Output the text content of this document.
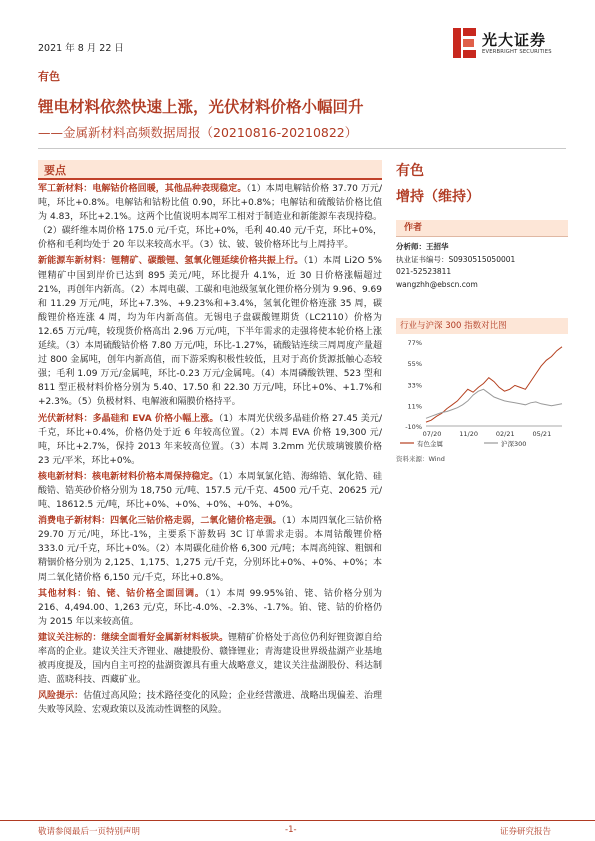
2021 年 8 月 22 日	光大证券
EVERBRIGHT SECURITIES
有色
锂电材料依然快速上涨，光伏材料价格小幅回升
——金属新材料高频数据周报（20210816-20210822）
要点

军工新材料：电解钴价格回暖，其他品种表现稳定。（1）本周电解钴价格 37.70 万元/吨，环比+0.8%。电解钴和钴粉比值 0.90，环比+0.8%；电解钴和硫酸钴价格比值为 4.83，环比+2.1%。这两个比值说明本周军工相对于制造业和新能源车表现持稳。（2）碳纤维本周价格 175.0 元/千克，环比+0%，毛利 40.40 元/千克，环比+0%，价格和毛利均处于 20 年以来较高水平。（3）钛、铍、铍价格环比与上周持平。

新能源车新材料：锂精矿、碳酸锂、氢氧化锂延续价格共振上行。（1）本周 Li2O 5%锂精矿中国到岸价已达到 895 美元/吨，环比提升 4.1%，近 30 日价格涨幅超过 21%，再创年内新高。（2）本周电碳、工碳和电池级氢氧化锂价格分别为 9.96、9.69 和 11.29 万元/吨，环比+7.3%、+9.23%和+3.4%，氢氧化锂价格连涨 35 周，碳酸锂价格连涨 4 周，均为年内新高值。无锡电子盘碳酸锂期货（LC2110）价格为 12.65 万元/吨，较现货价格高出 2.96 万元/吨，下半年需求的走强将使本轮价格上涨延续。（3）本周硫酸钴价格 7.80 万元/吨，环比-1.27%，硫酸钴连续三周周度产量超过 800 金属吨，创年内新高值，而下游采购积极性较低，且对于高价货源抵触心态较强；毛利 1.09 万元/金属吨，环比-0.23 万元/金属吨。（4）本周磷酸铁锂、523 型和 811 型正极材料价格分别为 5.40、17.50 和 22.30 万元/吨，环比+0%、+1.7%和+2.3%。（5）负极材料、电解液和隔膜价格持平。

光伏新材料：多晶硅和 EVA 价格小幅上涨。（1）本周光伏级多晶硅价格 27.45 美元/千克，环比+0.4%，价格仍处于近 6 年较高位置。（2）本周 EVA 价格 19,300 元/吨，环比+2.7%，保持 2013 年来较高位置。（3）本周 3.2mm 光伏玻璃镀膜价格 23 元/平米，环比+0%。

核电新材料：核电新材料价格本周保持稳定。（1）本周氧氯化锆、海绵锆、氧化锆、硅酸锆、锆英砂价格分别为 18,750 元/吨、157.5 元/千克、4500 元/千克、20625 元/吨、18612.5 元/吨，环比+0%、+0%、+0%、+0%、+0%。

消费电子新材料：四氧化三钴价格走弱，二氧化锗价格走强。（1）本周四氧化三钴价格 29.70 万元/吨，环比-1%，主要系下游数码 3C 订单需求走弱。本周钴酸锂价格 333.0 元/千克，环比+0%。（2）本周碳化硅价格 6,300 元/吨；本周高纯镓、粗铟和精铟价格分别为 2,125、1,175、1,275 元/千克，分别环比+0%、+0%、+0%；本周二氧化锗价格 6,150 元/千克，环比+0.8%。

其他材料：铂、铑、钴价格全面回调。（1）本周 99.95%铂、铑、钴价格分别为 216、4,494.00、1,263 元/克，环比-4.0%、-2.3%、-1.7%。铂、铑、钴的价格仍为 2015 年以来较高值。

建议关注标的：继续全面看好金属新材料板块。锂精矿价格处于高位仍利好锂资源自给率高的企业。建议关注天齐锂业、融捷股份、赣锋锂业；青海建设世界级盐湖产业基地被再度提及，国内自主可控的盐湖资源具有重大战略意义，建议关注盐湖股份、科达制造、蓝晓科技、西藏矿业。

风险提示：估值过高风险；技术路径变化的风险；企业经营激进、战略出现偏差、治理失败等风险、宏观政策以及流动性调整的风险。

有色
增持（维持）
作者
分析师：王招华
执业证书编号：S0930515050001
021-52523811
wangzhh@ebscn.com
行业与沪深 300 指数对比图
77%
55%
33%
11%
-10%
07/20	11/20	02/21	05/21
有色金属	沪深300
资料来源：Wind
敬请参阅最后一页特别声明	-1-	证券研究报告
